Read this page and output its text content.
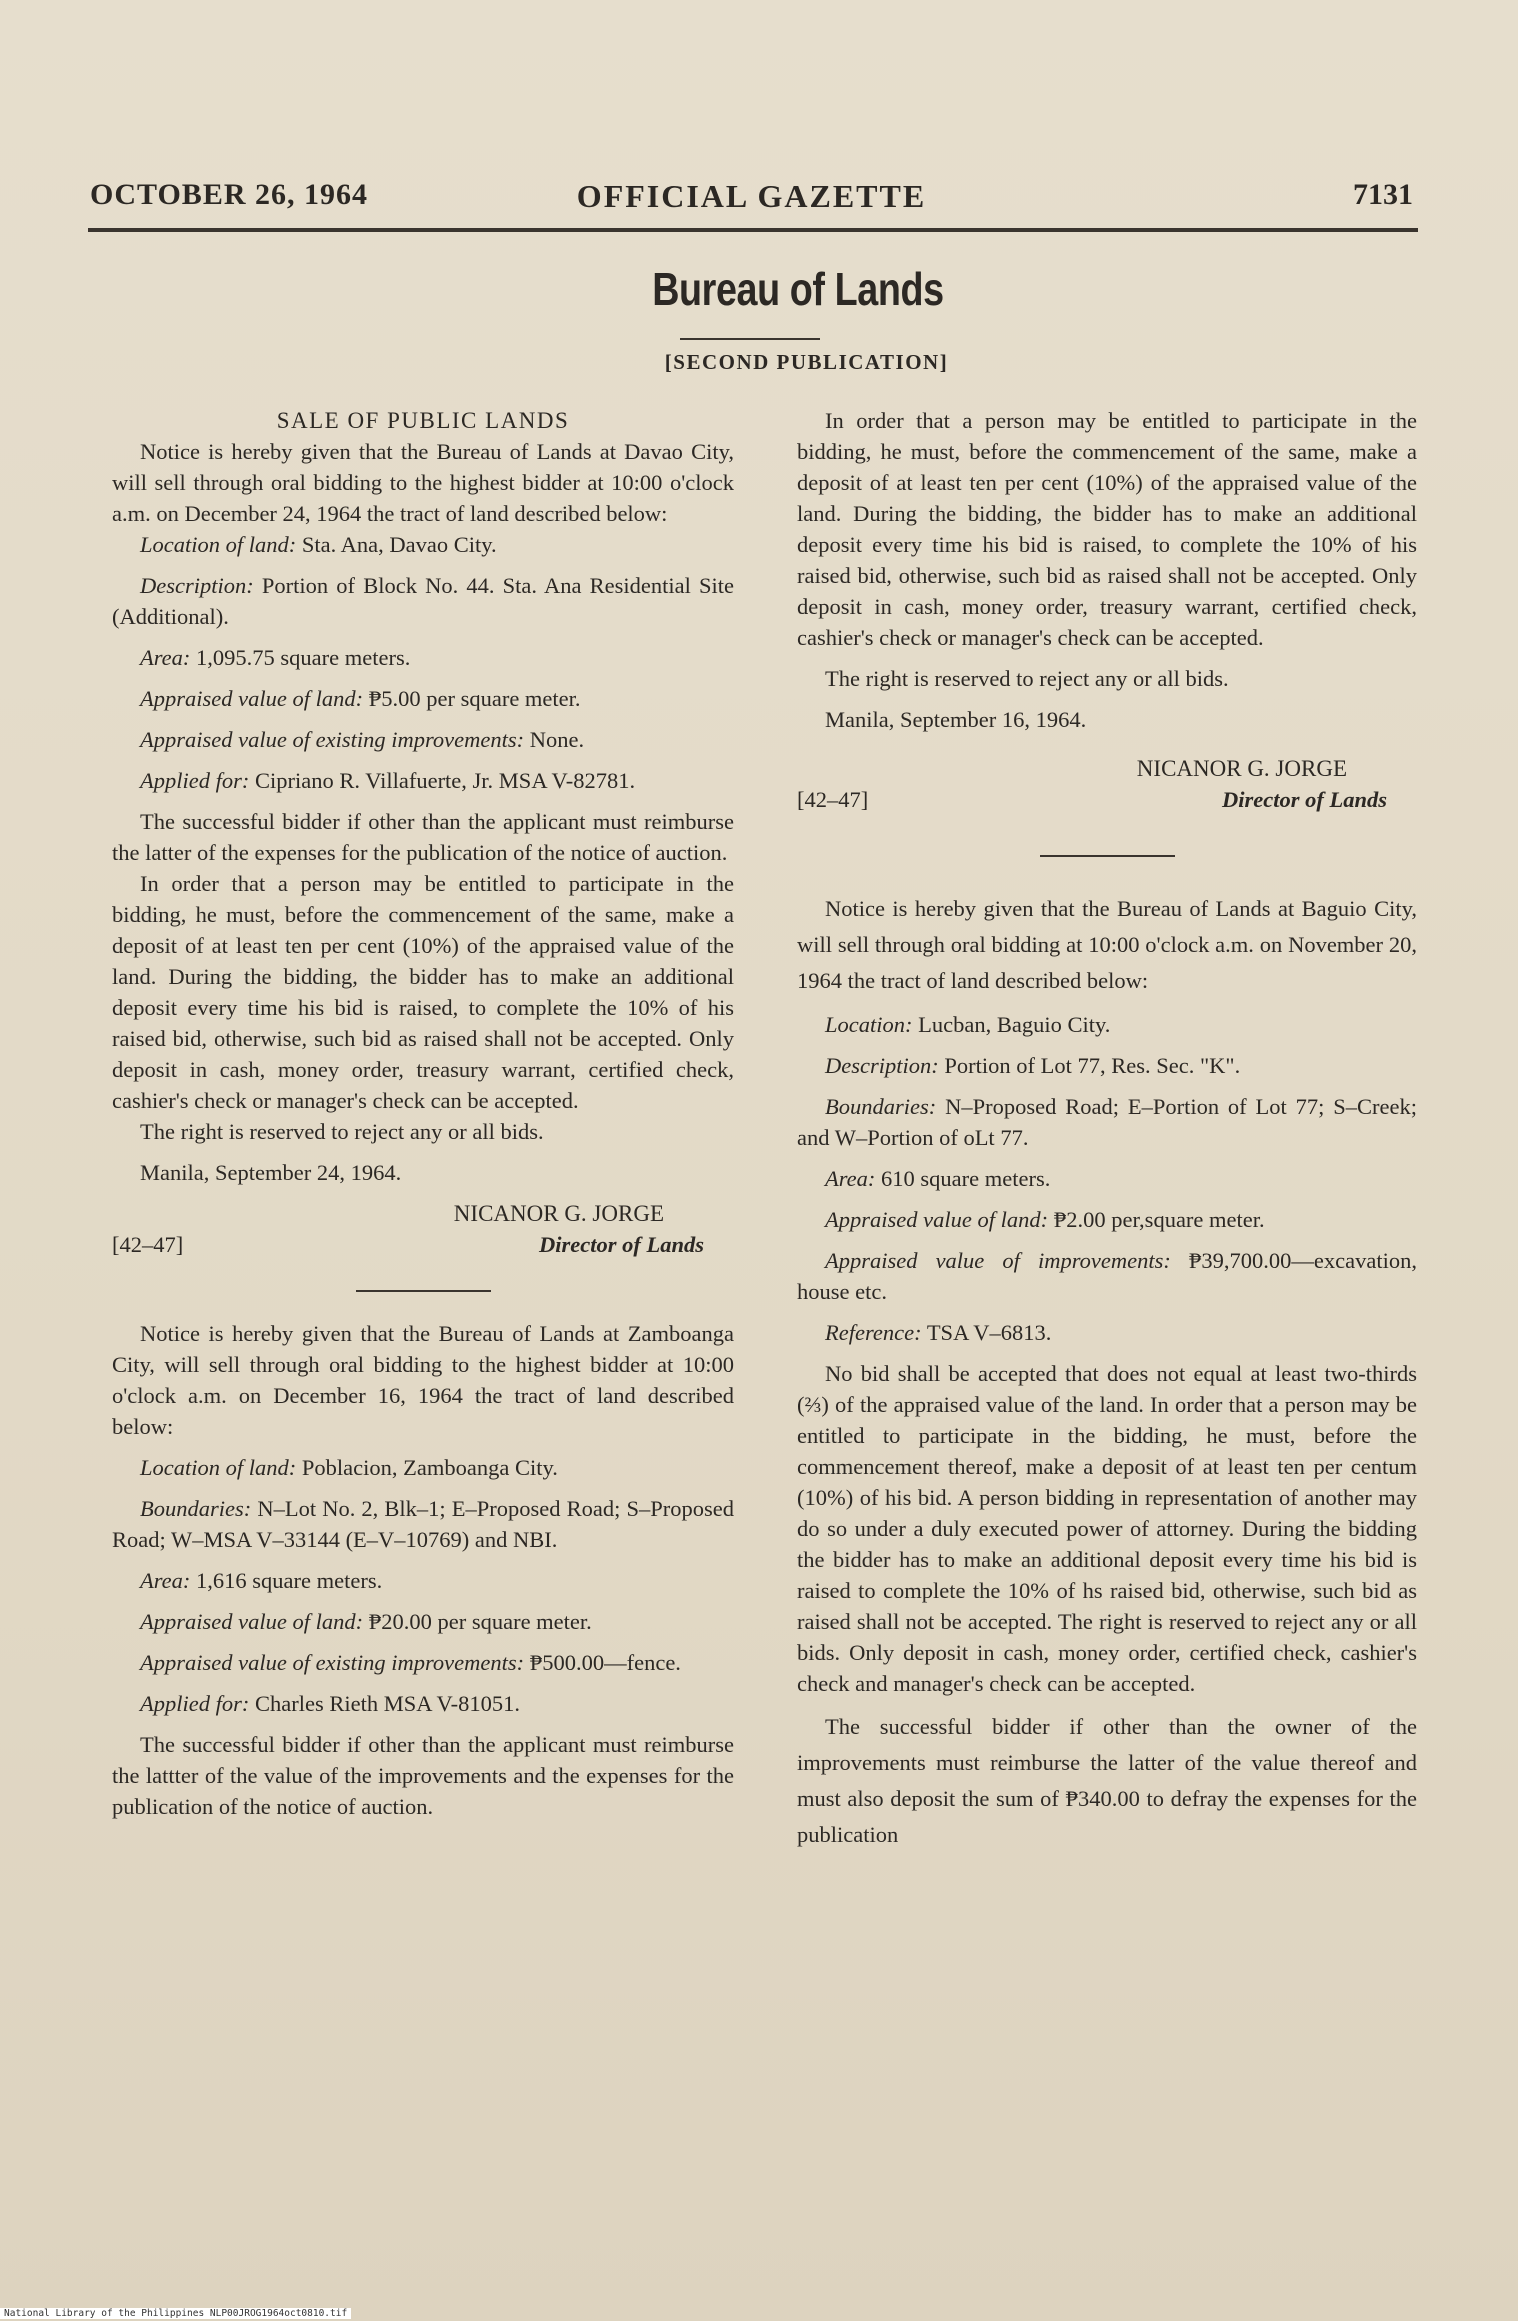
OCTOBER 26, 1964	OFFICIAL GAZETTE	7131
Bureau of Lands
[SECOND PUBLICATION]

SALE OF PUBLIC LANDS

Notice is hereby given that the Bureau of Lands at Davao City, will sell through oral bidding to the highest bidder at 10:00 o'clock a.m. on December 24, 1964 the tract of land described below:

Location of land: Sta. Ana, Davao City.

Description: Portion of Block No. 44. Sta. Ana Residential Site (Additional).

Area: 1,095.75 square meters.

Appraised value of land: ₱5.00 per square meter.

Appraised value of existing improvements: None.

Applied for: Cipriano R. Villafuerte, Jr. MSA V-82781.

The successful bidder if other than the applicant must reimburse the latter of the expenses for the publication of the notice of auction.

In order that a person may be entitled to participate in the bidding, he must, before the commencement of the same, make a deposit of at least ten per cent (10%) of the appraised value of the land. During the bidding, the bidder has to make an additional deposit every time his bid is raised, to complete the 10% of his raised bid, otherwise, such bid as raised shall not be accepted. Only deposit in cash, money order, treasury warrant, certified check, cashier's check or manager's check can be accepted.

The right is reserved to reject any or all bids.

Manila, September 24, 1964.

NICANOR G. JORGE
[42–47]	Director of Lands

Notice is hereby given that the Bureau of Lands at Zamboanga City, will sell through oral bidding to the highest bidder at 10:00 o'clock a.m. on December 16, 1964 the tract of land described below:

Location of land: Poblacion, Zamboanga City.

Boundaries: N–Lot No. 2, Blk–1; E–Proposed Road; S–Proposed Road; W–MSA V–33144 (E–V–10769) and NBI.

Area: 1,616 square meters.

Appraised value of land: ₱20.00 per square meter.

Appraised value of existing improvements: ₱500.00—fence.

Applied for: Charles Rieth MSA V-81051.

The successful bidder if other than the applicant must reimburse the lattter of the value of the improvements and the expenses for the publication of the notice of auction.

In order that a person may be entitled to participate in the bidding, he must, before the commencement of the same, make a deposit of at least ten per cent (10%) of the appraised value of the land. During the bidding, the bidder has to make an additional deposit every time his bid is raised, to complete the 10% of his raised bid, otherwise, such bid as raised shall not be accepted. Only deposit in cash, money order, treasury warrant, certified check, cashier's check or manager's check can be accepted.

The right is reserved to reject any or all bids.

Manila, September 16, 1964.

NICANOR G. JORGE
[42–47]	Director of Lands

Notice is hereby given that the Bureau of Lands at Baguio City, will sell through oral bidding at 10:00 o'clock a.m. on November 20, 1964 the tract of land described below:

Location: Lucban, Baguio City.

Description: Portion of Lot 77, Res. Sec. "K".

Boundaries: N–Proposed Road; E–Portion of Lot 77; S–Creek; and W–Portion of oLt 77.

Area: 610 square meters.

Appraised value of land: ₱2.00 per,square meter.

Appraised value of improvements: ₱39,700.00—excavation, house etc.

Reference: TSA V–6813.

No bid shall be accepted that does not equal at least two-thirds (⅔) of the appraised value of the land. In order that a person may be entitled to participate in the bidding, he must, before the commencement thereof, make a deposit of at least ten per centum (10%) of his bid. A person bidding in representation of another may do so under a duly executed power of attorney. During the bidding the bidder has to make an additional deposit every time his bid is raised to complete the 10% of hs raised bid, otherwise, such bid as raised shall not be accepted. The right is reserved to reject any or all bids. Only deposit in cash, money order, certified check, cashier's check and manager's check can be accepted.

The successful bidder if other than the owner of the improvements must reimburse the latter of the value thereof and must also deposit the sum of ₱340.00 to defray the expenses for the publication

National Library of the Philippines NLP00JROG1964oct0810.tif
